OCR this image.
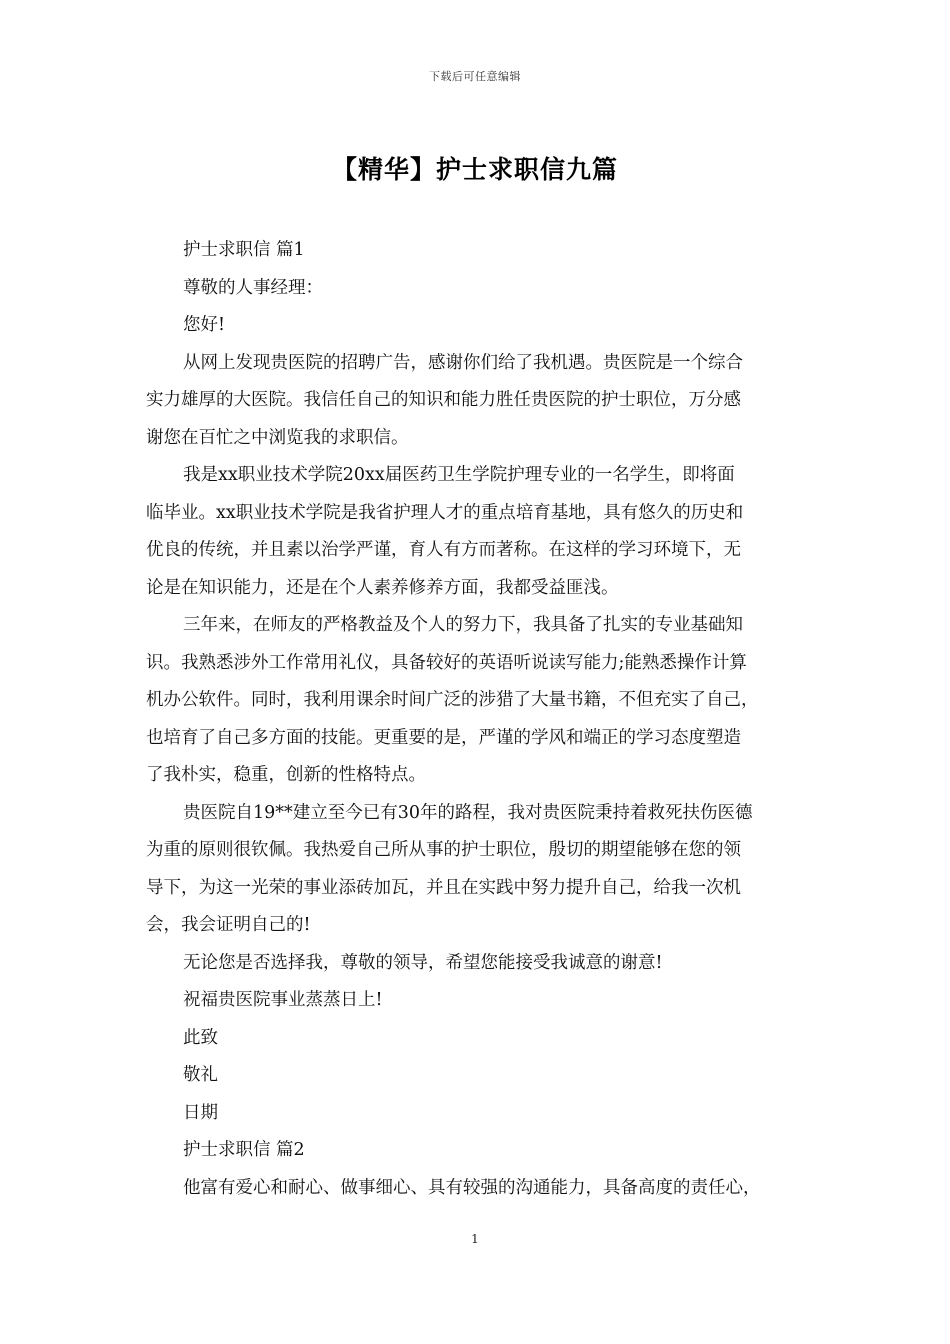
下载后可任意编辑
【精华】护士求职信九篇
护士求职信 篇1
尊敬的人事经理：
您好!
从网上发现贵医院的招聘广告，感谢你们给了我机遇。贵医院是一个综合
实力雄厚的大医院。我信任自己的知识和能力胜任贵医院的护士职位，万分感
谢您在百忙之中浏览我的求职信。
我是xx职业技术学院20xx届医药卫生学院护理专业的一名学生，即将面
临毕业。xx职业技术学院是我省护理人才的重点培育基地，具有悠久的历史和
优良的传统，并且素以治学严谨，育人有方而著称。在这样的学习环境下，无
论是在知识能力，还是在个人素养修养方面，我都受益匪浅。
三年来，在师友的严格教益及个人的努力下，我具备了扎实的专业基础知
识。我熟悉涉外工作常用礼仪，具备较好的英语听说读写能力;能熟悉操作计算
机办公软件。同时，我利用课余时间广泛的涉猎了大量书籍，不但充实了自己，
也培育了自己多方面的技能。更重要的是，严谨的学风和端正的学习态度塑造
了我朴实，稳重，创新的性格特点。
贵医院自19**建立至今已有30年的路程，我对贵医院秉持着救死扶伤医德
为重的原则很钦佩。我热爱自己所从事的护士职位，殷切的期望能够在您的领
导下，为这一光荣的事业添砖加瓦，并且在实践中努力提升自己，给我一次机
会，我会证明自己的!
无论您是否选择我，尊敬的领导，希望您能接受我诚意的谢意!
祝福贵医院事业蒸蒸日上!
此致
敬礼
日期
护士求职信 篇2
他富有爱心和耐心、做事细心、具有较强的沟通能力，具备高度的责任心，
1
